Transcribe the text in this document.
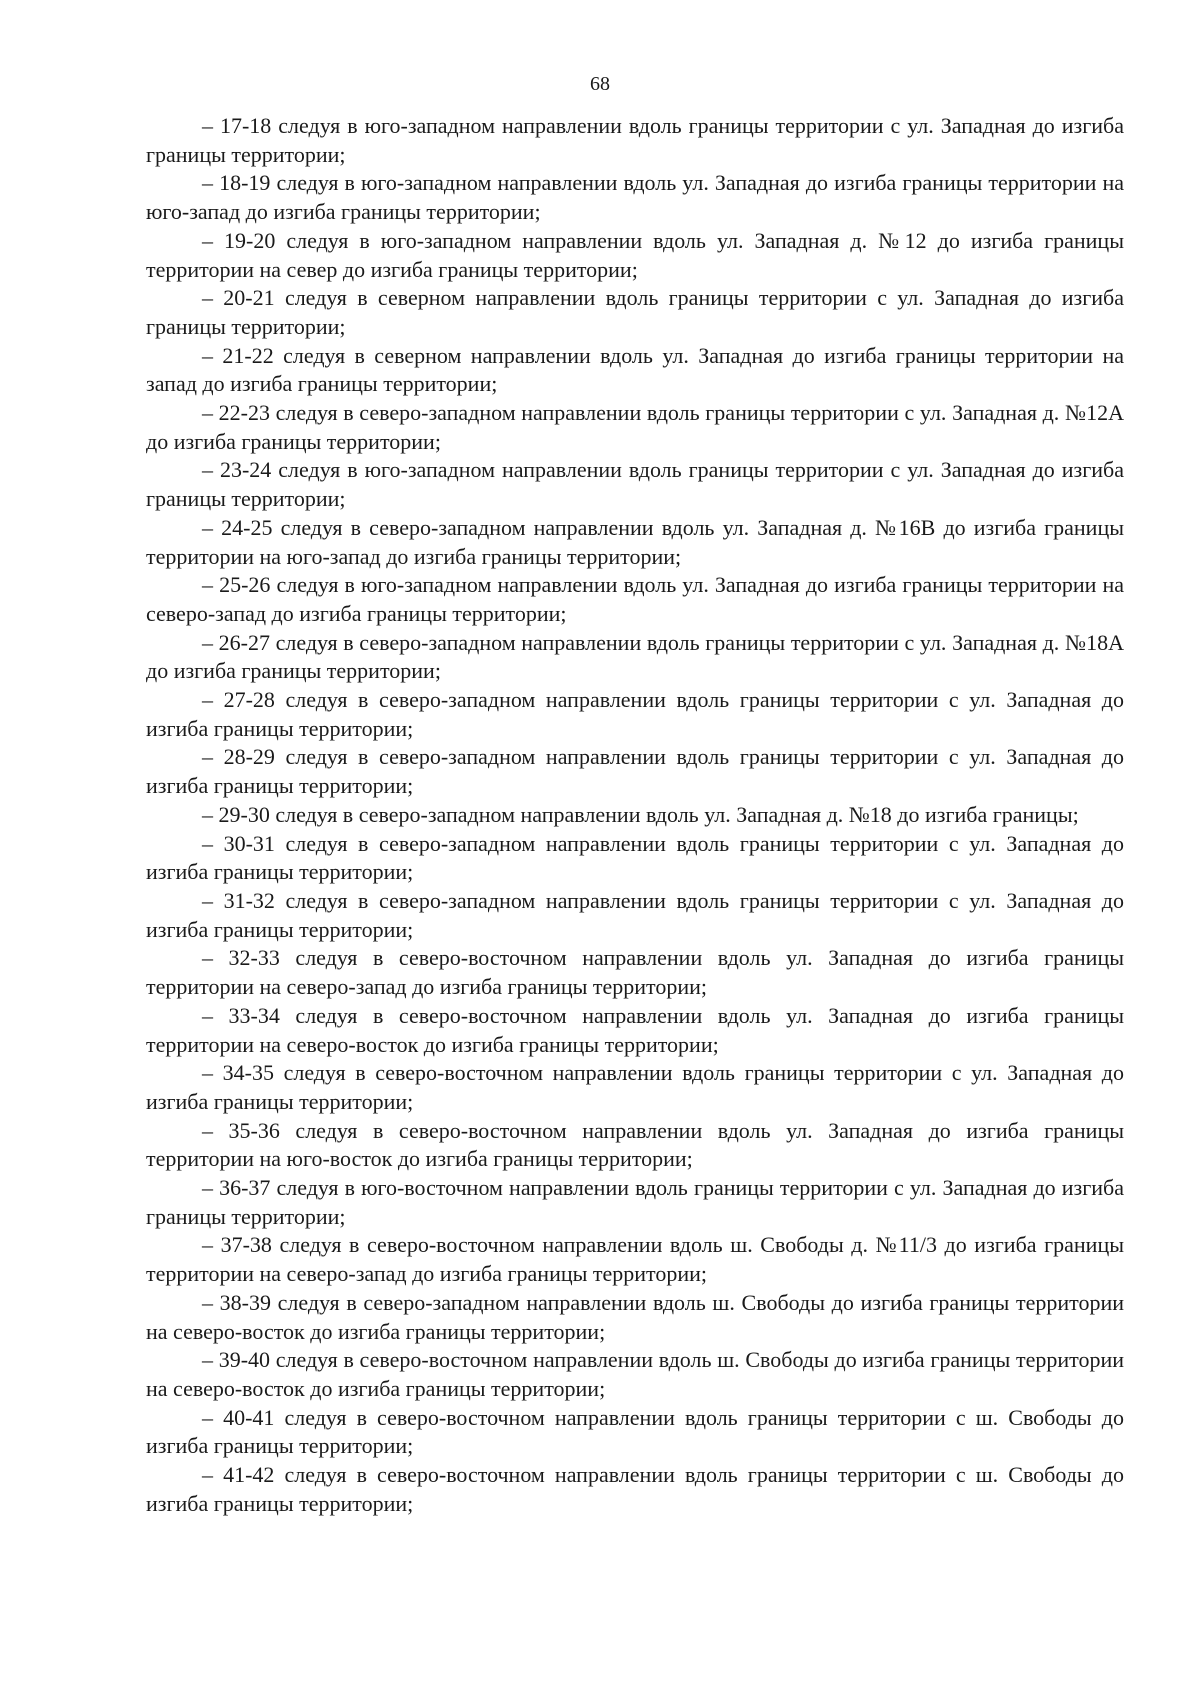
68

– 17-18 следуя в юго-западном направлении вдоль границы территории с ул. Западная до изгиба границы территории;

– 18-19 следуя в юго-западном направлении вдоль ул. Западная до изгиба границы территории на юго-запад до изгиба границы территории;

– 19-20 следуя в юго-западном направлении вдоль ул. Западная д. №12 до изгиба границы территории на север до изгиба границы территории;

– 20-21 следуя в северном направлении вдоль границы территории с ул. Западная до изгиба границы территории;

– 21-22 следуя в северном направлении вдоль ул. Западная до изгиба границы территории на запад до изгиба границы территории;

– 22-23 следуя в северо-западном направлении вдоль границы территории с ул. Западная д. №12А до изгиба границы территории;

– 23-24 следуя в юго-западном направлении вдоль границы территории с ул. Западная до изгиба границы территории;

– 24-25 следуя в северо-западном направлении вдоль ул. Западная д. №16В до изгиба границы территории на юго-запад до изгиба границы территории;

– 25-26 следуя в юго-западном направлении вдоль ул. Западная до изгиба границы территории на северо-запад до изгиба границы территории;

– 26-27 следуя в северо-западном направлении вдоль границы территории с ул. Западная д. №18А до изгиба границы территории;

– 27-28 следуя в северо-западном направлении вдоль границы территории с ул. Западная до изгиба границы территории;

– 28-29 следуя в северо-западном направлении вдоль границы территории с ул. Западная до изгиба границы территории;

– 29-30 следуя в северо-западном направлении вдоль ул. Западная д. №18 до изгиба границы;

– 30-31 следуя в северо-западном направлении вдоль границы территории с ул. Западная до изгиба границы территории;

– 31-32 следуя в северо-западном направлении вдоль границы территории с ул. Западная до изгиба границы территории;

– 32-33 следуя в северо-восточном направлении вдоль ул. Западная до изгиба границы территории на северо-запад до изгиба границы территории;

– 33-34 следуя в северо-восточном направлении вдоль ул. Западная до изгиба границы территории на северо-восток до изгиба границы территории;

– 34-35 следуя в северо-восточном направлении вдоль границы территории с ул. Западная до изгиба границы территории;

– 35-36 следуя в северо-восточном направлении вдоль ул. Западная до изгиба границы территории на юго-восток до изгиба границы территории;

– 36-37 следуя в юго-восточном направлении вдоль границы территории с ул. Западная до изгиба границы территории;

– 37-38 следуя в северо-восточном направлении вдоль ш. Свободы д. №11/3 до изгиба границы территории на северо-запад до изгиба границы территории;

– 38-39 следуя в северо-западном направлении вдоль ш. Свободы до изгиба границы территории на северо-восток до изгиба границы территории;

– 39-40 следуя в северо-восточном направлении вдоль ш. Свободы до изгиба границы территории на северо-восток до изгиба границы территории;

– 40-41 следуя в северо-восточном направлении вдоль границы территории с ш. Свободы до изгиба границы территории;

– 41-42 следуя в северо-восточном направлении вдоль границы территории с ш. Свободы до изгиба границы территории;
